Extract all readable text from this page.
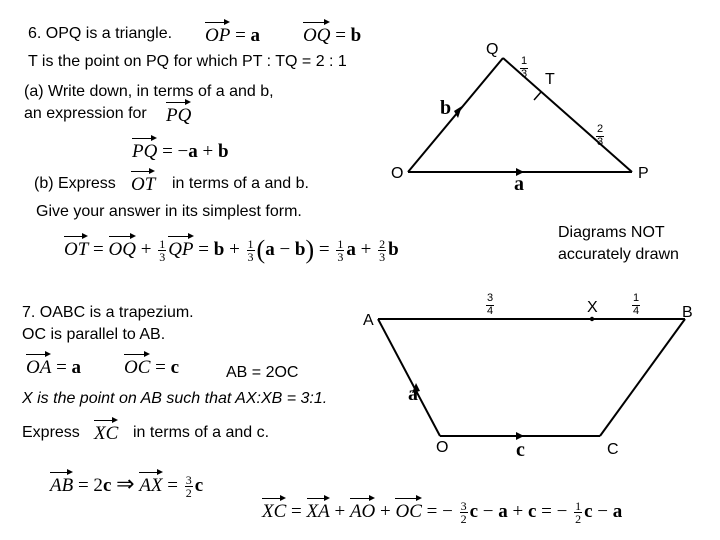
6. OPQ is a triangle. OP = a OQ = b
T is the point on PQ for which PT : TQ = 2 : 1
(a) Write down, in terms of a and b,
an expression for PQ
PQ = −a + b
(b) Express OT in terms of a and b.
Give your answer in its simplest form.
OT = OQ + $\frac{1}{3}$ QP = $b + \frac{1}{3} (a - b) = \frac{1}{3}$ $a + \frac{2}{3}$ b
Diagrams NOT
accurately drawn
Q
T
O	P
b
a
1
3
2
3
7. OABC is a trapezium.
OC is parallel to AB.
OA = a OC = c	AB = 2OC
X is the point on AB such that AX:XB = 3:1.
Express XC in terms of a and c.
AB = 2c ⇒ AX = $\frac{3}{2}$ c
XC = XA + AO + OC = − $\frac{3}{2}$ c − a + c = − $\frac{1}{2}$ c − a
A
X	B
O	C
a
c
3
4
1
4
